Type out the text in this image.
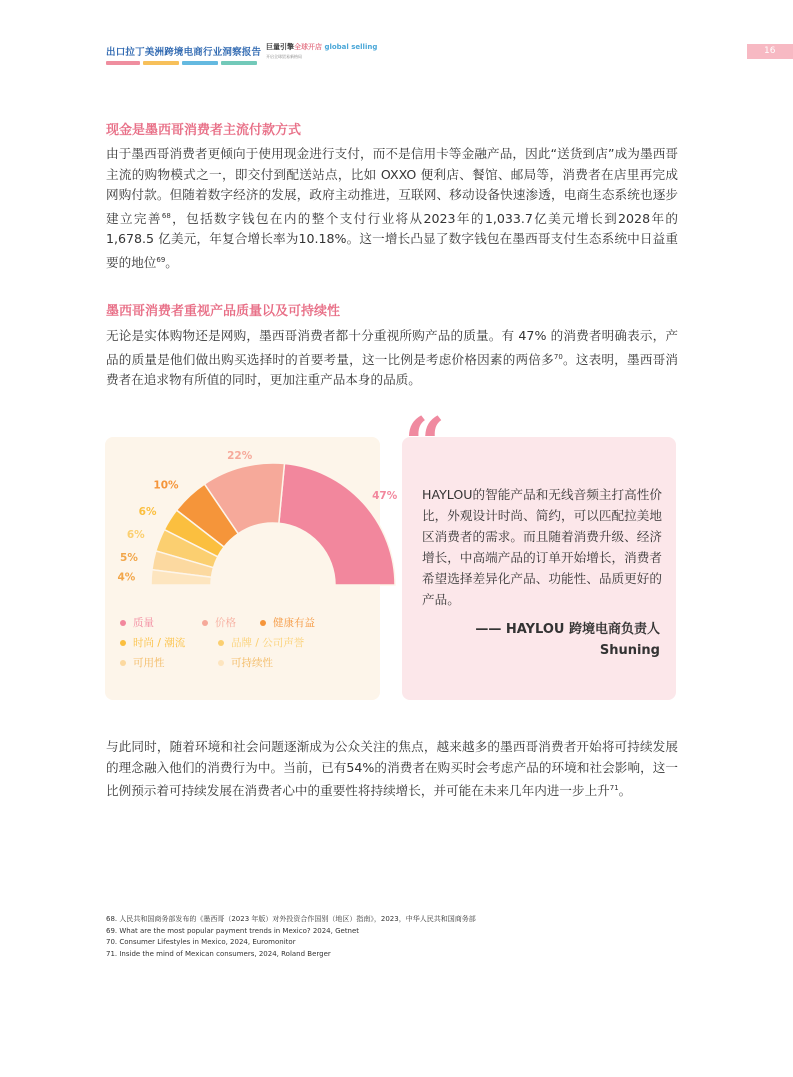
出口拉丁美洲跨境电商行业洞察报告 巨量引擎全球开店 global selling
开启全球贸易新格局
16
现金是墨西哥消费者主流付款方式
由于墨西哥消费者更倾向于使用现金进行支付，而不是信用卡等金融产品，因此“送货到店”成为墨西哥主流的购物模式之一，即交付到配送站点，比如 OXXO 便利店、餐馆、邮局等，消费者在店里再完成网购付款。但随着数字经济的发展，政府主动推进，互联网、移动设备快速渗透，电商生态系统也逐步建立完善$^{68}$，包括数字钱包在内的整个支付行业将从2023年的1,033.7亿美元增长到2028年的 1,678.5 亿美元，年复合增长率为10.18%。这一增长凸显了数字钱包在墨西哥支付生态系统中日益重要的地位$^{69}$。
墨西哥消费者重视产品质量以及可持续性
无论是实体购物还是网购，墨西哥消费者都十分重视所购产品的质量。有 47% 的消费者明确表示，产品的质量是他们做出购买选择时的首要考量，这一比例是考虑价格因素的两倍多$^{70}$。这表明，墨西哥消费者在追求物有所值的同时，更加注重产品本身的品质。
47%
22%
10%
6%
6%
5%
4%
质量	价格	健康有益
时尚 / 潮流	品牌 / 公司声誉
可用性	可持续性
“
HAYLOU的智能产品和无线音频主打高性价比，外观设计时尚、简约，可以匹配拉美地区消费者的需求。而且随着消费升级、经济增长，中高端产品的订单开始增长，消费者希望选择差异化产品、功能性、品质更好的产品。
—— HAYLOU 跨境电商负责人
Shuning
与此同时，随着环境和社会问题逐渐成为公众关注的焦点，越来越多的墨西哥消费者开始将可持续发展的理念融入他们的消费行为中。当前，已有54%的消费者在购买时会考虑产品的环境和社会影响，这一比例预示着可持续发展在消费者心中的重要性将持续增长，并可能在未来几年内进一步上升$^{71}$。
68. 人民共和国商务部发布的《墨西哥（2023 年版）对外投资合作国别（地区）指南》，2023，中华人民共和国商务部
69. What are the most popular payment trends in Mexico? 2024, Getnet
70. Consumer Lifestyles in Mexico, 2024, Euromonitor
71. Inside the mind of Mexican consumers, 2024, Roland Berger
